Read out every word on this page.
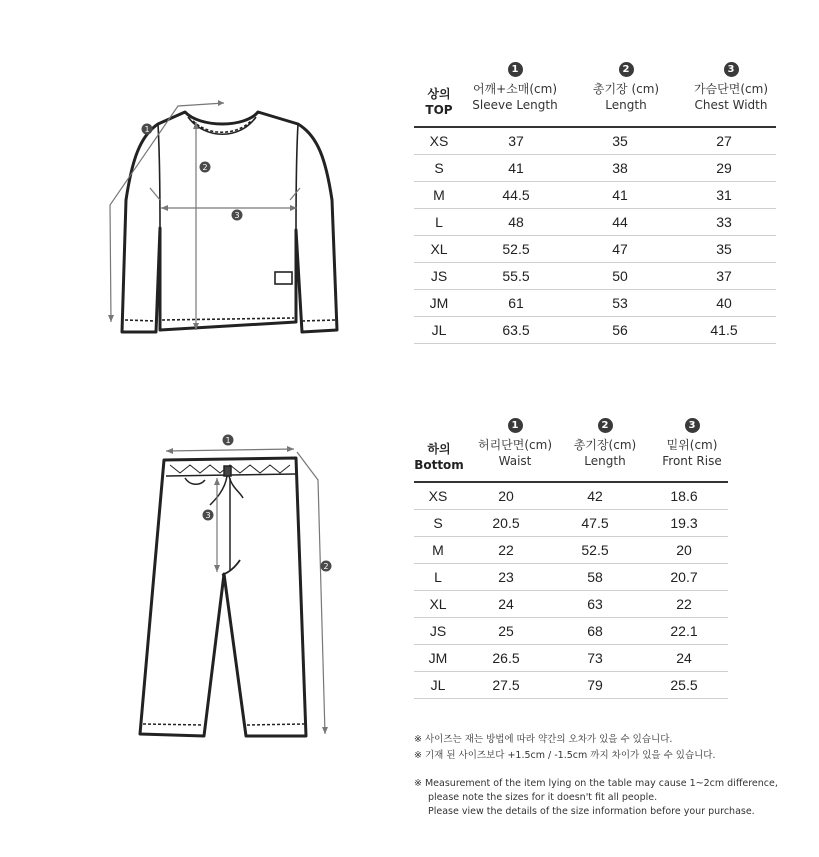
1
2
3
1
2
3
상의
TOP
1
어깨+소매(cm)
Sleeve Length
2
총기장 (cm)
Length
3
가슴단면(cm)
Chest Width
XS	37	35	27
S	41	38	29
M	44.5	41	31
L	48	44	33
XL	52.5	47	35
JS	55.5	50	37
JM	61	53	40
JL	63.5	56	41.5
하의
Bottom
1
허리단면(cm)
Waist
2
총기장(cm)
Length
3
밑위(cm)
Front Rise
XS	20	42	18.6
S	20.5	47.5	19.3
M	22	52.5	20
L	23	58	20.7
XL	24	63	22
JS	25	68	22.1
JM	26.5	73	24
JL	27.5	79	25.5

※ 사이즈는 재는 방법에 따라 약간의 오차가 있을 수 있습니다.

※ 기재 된 사이즈보다 +1.5cm / -1.5cm 까지 차이가 있을 수 있습니다.

※ Measurement of the item lying on the table may cause 1~2cm difference,

please note the sizes for it doesn't fit all people.

Please view the details of the size information before your purchase.
